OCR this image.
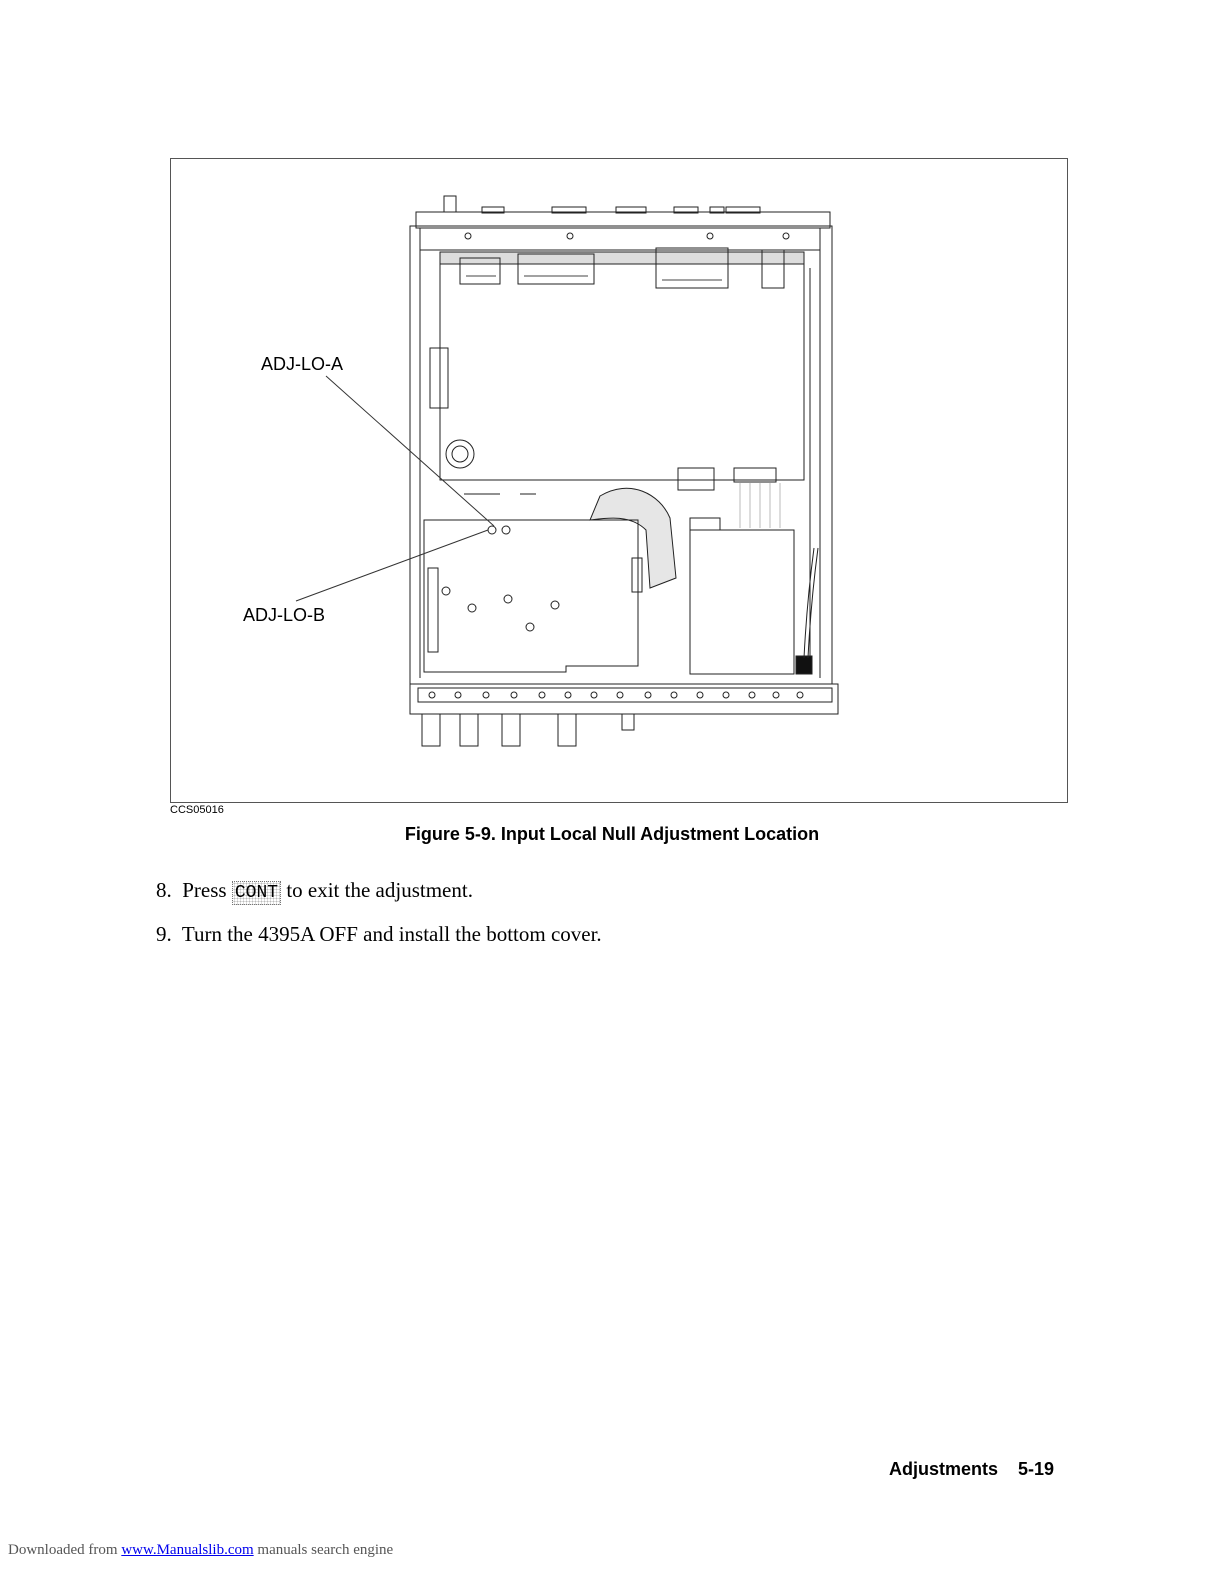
ADJ-LO-A
ADJ-LO-B
CCS05016
Figure 5-9. Input Local Null Adjustment Location
8. Press CONT to exit the adjustment.
9. Turn the 4395A OFF and install the bottom cover.
Adjustments 5-19
Downloaded from www.Manualslib.com manuals search engine
